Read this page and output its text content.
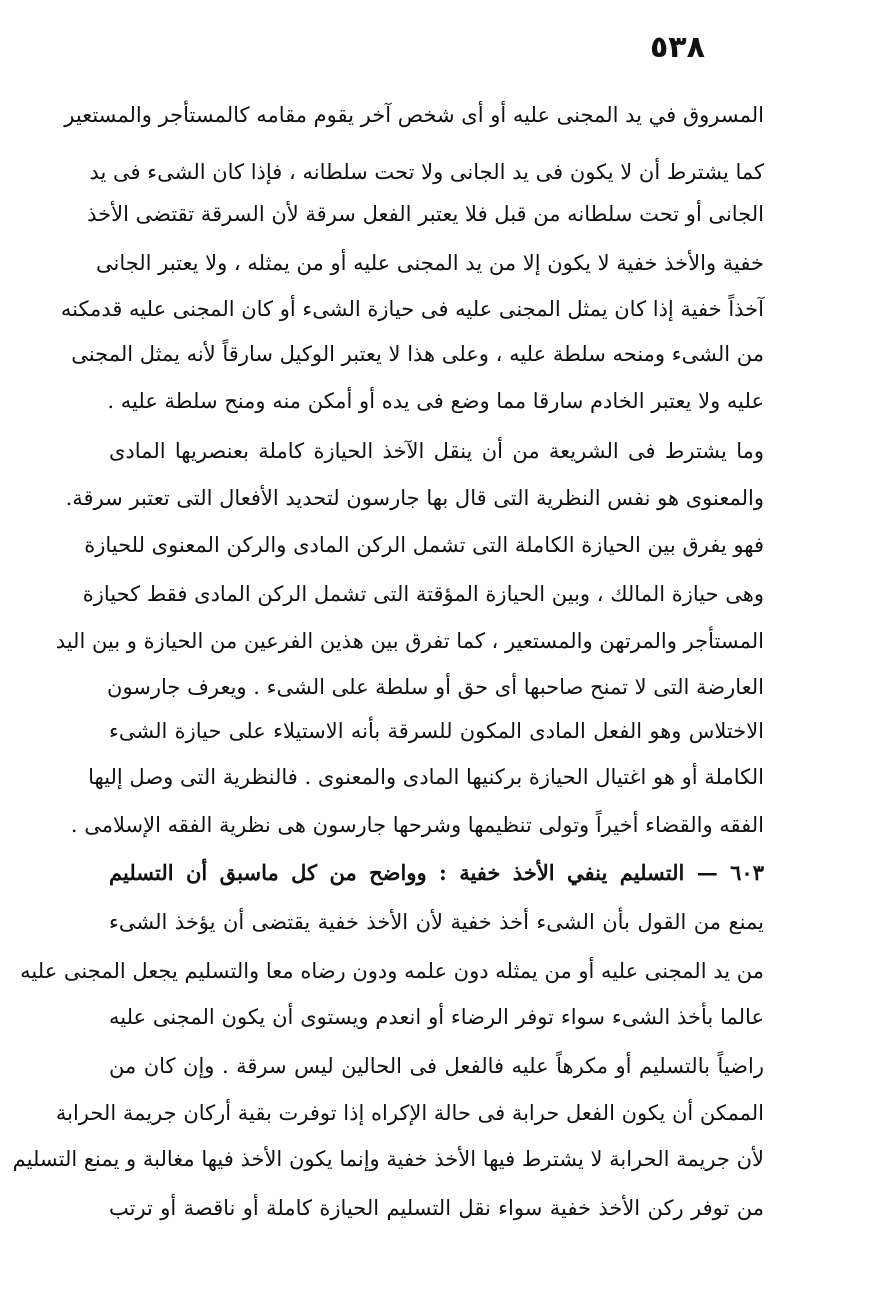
٥٣٨
المسروق في يد المجنى عليه أو أى شخص آخر يقوم مقامه كالمستأجر والمستعير
كما يشترط أن لا يكون فى يد الجانى ولا تحت سلطانه ، فإذا كان الشىء فى يد
الجانى أو تحت سلطانه من قبل فلا يعتبر الفعل سرقة لأن السرقة تقتضى الأخذ
خفية والأخذ خفية لا يكون إلا من يد المجنى عليه أو من يمثله ، ولا يعتبر الجانى
آخذاً خفية إذا كان يمثل المجنى عليه فى حيازة الشىء أو كان المجنى عليه قدمكنه
من الشىء ومنحه سلطة عليه ، وعلى هذا لا يعتبر الوكيل سارقاً لأنه يمثل المجنى
عليه ولا يعتبر الخادم سارقا مما وضع فى يده أو أمكن منه ومنح سلطة عليه .
وما يشترط فى الشريعة من أن ينقل الآخذ الحيازة كاملة بعنصريها المادى
والمعنوى هو نفس النظرية التى قال بها جارسون لتحديد الأفعال التى تعتبر سرقة.
فهو يفرق بين الحيازة الكاملة التى تشمل الركن المادى والركن المعنوى للحيازة
وهى حيازة المالك ، وبين الحيازة المؤقتة التى تشمل الركن المادى فقط كحيازة
المستأجر والمرتهن والمستعير ، كما تفرق بين هذين الفرعين من الحيازة و بين اليد
العارضة التى لا تمنح صاحبها أى حق أو سلطة على الشىء . ويعرف جارسون
الاختلاس وهو الفعل المادى المكون للسرقة بأنه الاستيلاء على حيازة الشىء
الكاملة أو هو اغتيال الحيازة بركنيها المادى والمعنوى . فالنظرية التى وصل إليها
الفقه والقضاء أخيراً وتولى تنظيمها وشرحها جارسون هى نظرية الفقه الإسلامى .
٦٠٣ — التسليم ينفي الأخذ خفية : وواضح من كل ماسبق أن التسليم
يمنع من القول بأن الشىء أخذ خفية لأن الأخذ خفية يقتضى أن يؤخذ الشىء
من يد المجنى عليه أو من يمثله دون علمه ودون رضاه معا والتسليم يجعل المجنى عليه
عالما بأخذ الشىء سواء توفر الرضاء أو انعدم ويستوى أن يكون المجنى عليه
راضياً بالتسليم أو مكرهاً عليه فالفعل فى الحالين ليس سرقة . وإن كان من
الممكن أن يكون الفعل حرابة فى حالة الإكراه إذا توفرت بقية أركان جريمة الحرابة
لأن جريمة الحرابة لا يشترط فيها الأخذ خفية وإنما يكون الأخذ فيها مغالبة و يمنع التسليم
من توفر ركن الأخذ خفية سواء نقل التسليم الحيازة كاملة أو ناقصة أو ترتب
